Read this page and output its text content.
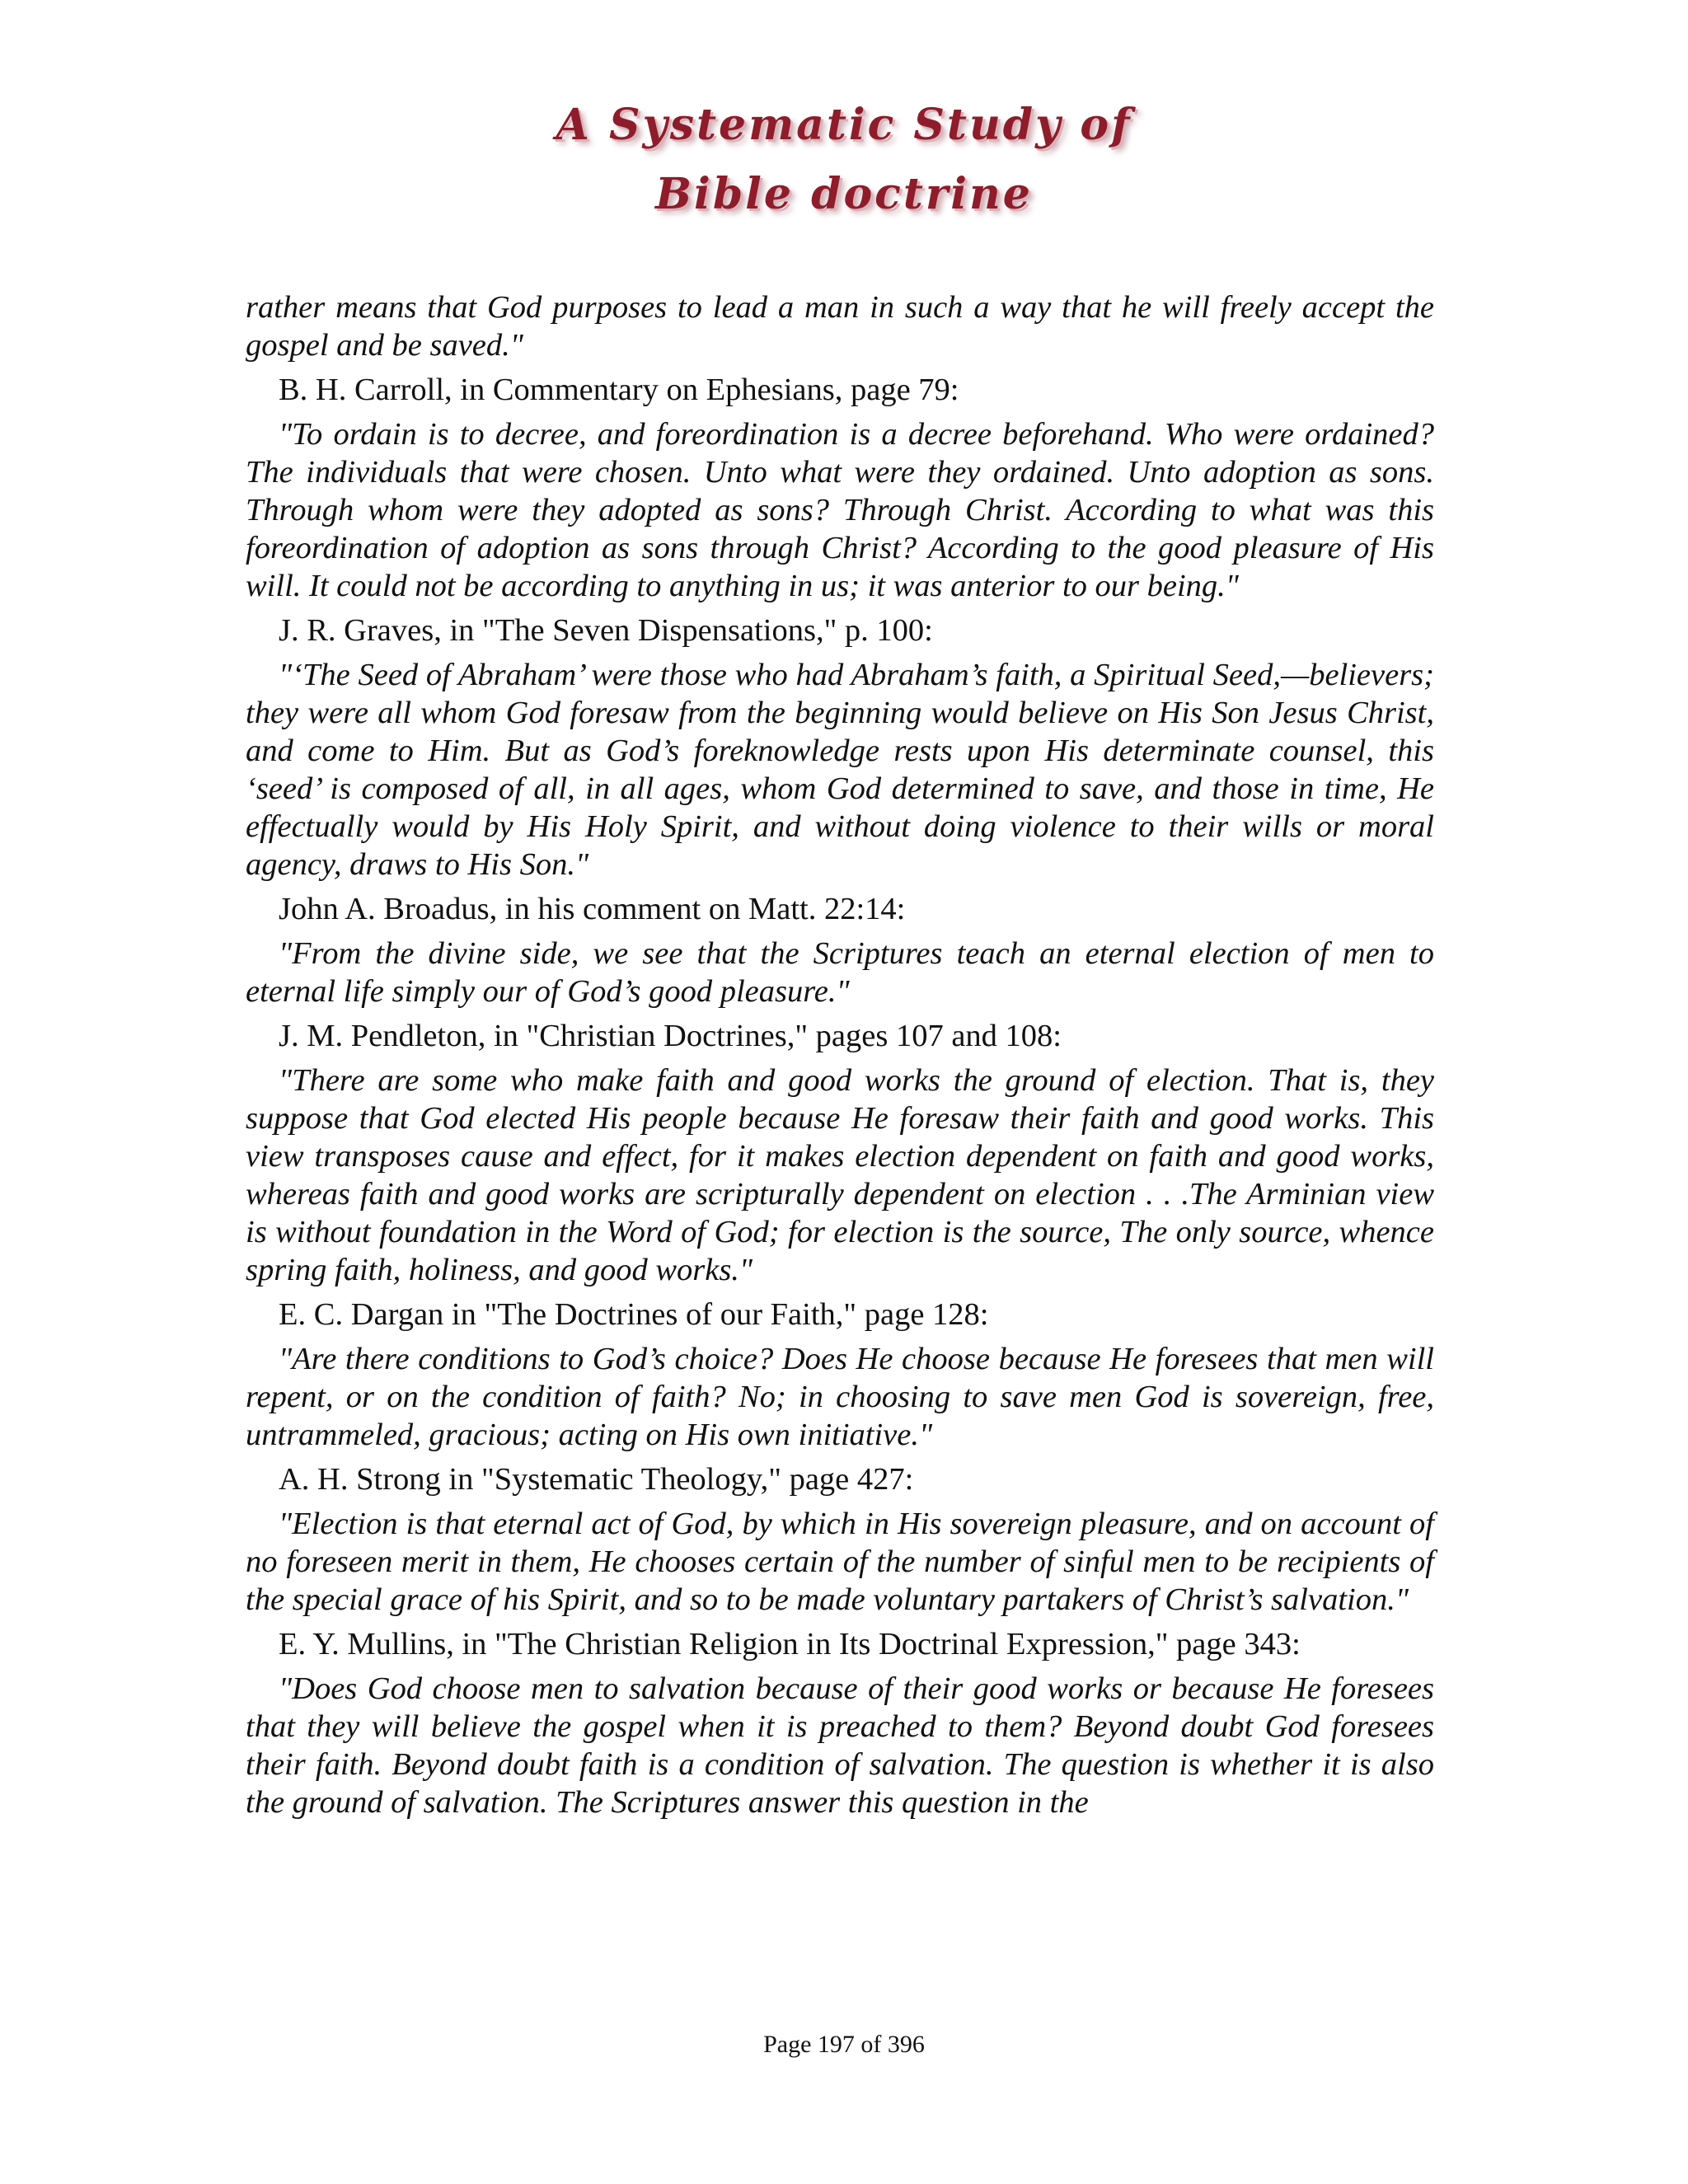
A Systematic Study of
Bible doctrine

rather means that God purposes to lead a man in such a way that he will freely accept the gospel and be saved."

B. H. Carroll, in Commentary on Ephesians, page 79:

"To ordain is to decree, and foreordination is a decree beforehand. Who were ordained? The individuals that were chosen. Unto what were they ordained. Unto adoption as sons. Through whom were they adopted as sons? Through Christ. According to what was this foreordination of adoption as sons through Christ? According to the good pleasure of His will. It could not be according to anything in us; it was anterior to our being."

J. R. Graves, in "The Seven Dispensations," p. 100:

"‘The Seed of Abraham’ were those who had Abraham’s faith, a Spiritual Seed,—believers; they were all whom God foresaw from the beginning would believe on His Son Jesus Christ, and come to Him. But as God’s foreknowledge rests upon His determinate counsel, this ‘seed’ is composed of all, in all ages, whom God determined to save, and those in time, He effectually would by His Holy Spirit, and without doing violence to their wills or moral agency, draws to His Son."

John A. Broadus, in his comment on Matt. 22:14:

"From the divine side, we see that the Scriptures teach an eternal election of men to eternal life simply our of God’s good pleasure."

J. M. Pendleton, in "Christian Doctrines," pages 107 and 108:

"There are some who make faith and good works the ground of election. That is, they suppose that God elected His people because He foresaw their faith and good works. This view transposes cause and effect, for it makes election dependent on faith and good works, whereas faith and good works are scripturally dependent on election . . .The Arminian view is without foundation in the Word of God; for election is the source, The only source, whence spring faith, holiness, and good works."

E. C. Dargan in "The Doctrines of our Faith," page 128:

"Are there conditions to God’s choice? Does He choose because He foresees that men will repent, or on the condition of faith? No; in choosing to save men God is sovereign, free, untrammeled, gracious; acting on His own initiative."

A. H. Strong in "Systematic Theology," page 427:

"Election is that eternal act of God, by which in His sovereign pleasure, and on account of no foreseen merit in them, He chooses certain of the number of sinful men to be recipients of the special grace of his Spirit, and so to be made voluntary partakers of Christ’s salvation."

E. Y. Mullins, in "The Christian Religion in Its Doctrinal Expression," page 343:

"Does God choose men to salvation because of their good works or because He foresees that they will believe the gospel when it is preached to them? Beyond doubt God foresees their faith. Beyond doubt faith is a condition of salvation. The question is whether it is also the ground of salvation. The Scriptures answer this question in the

Page 197 of 396
